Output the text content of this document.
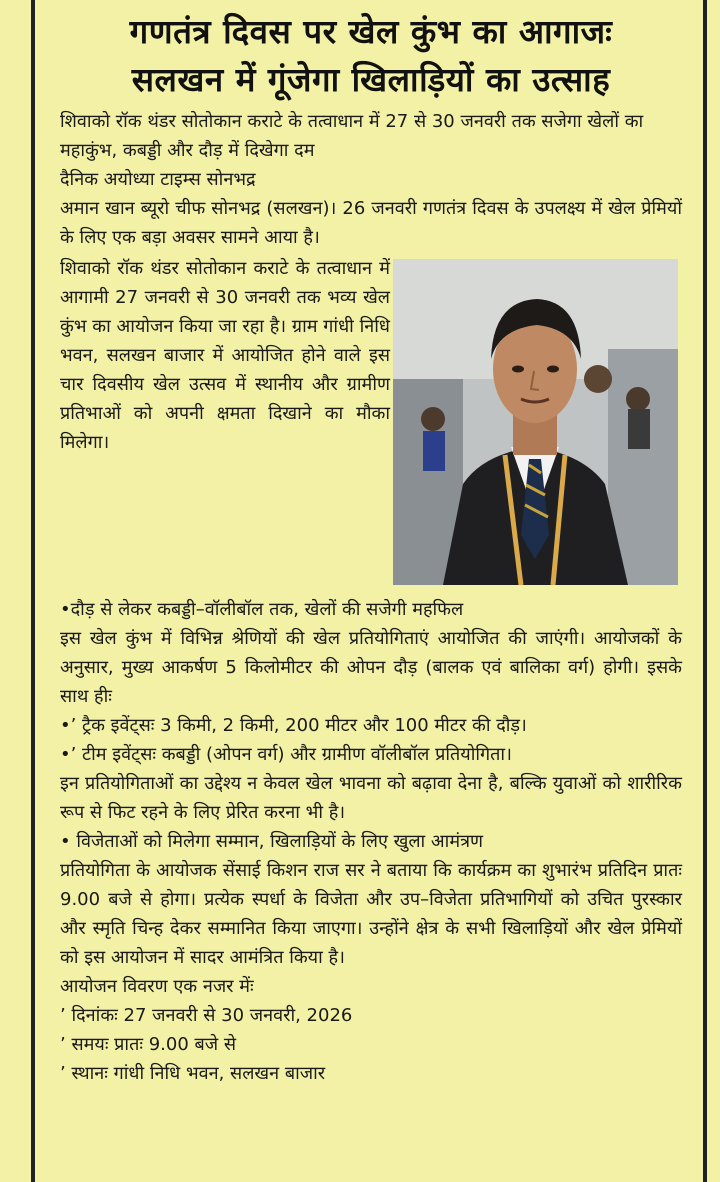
गणतंत्र दिवस पर खेल कुंभ का आगाजः
सलखन में गूंजेगा खिलाड़ियों का उत्साह

शिवाको रॉक थंडर सोतोकान कराटे के तत्वाधान में 27 से 30 जनवरी तक सजेगा खेलों का महाकुंभ, कबड्डी और दौड़ में दिखेगा दम

दैनिक अयोध्या टाइम्स सोनभद्र

अमान खान ब्यूरो चीफ सोनभद्र (सलखन)। 26 जनवरी गणतंत्र दिवस के उपलक्ष्य में खेल प्रेमियों के लिए एक बड़ा अवसर सामने आया है।

शिवाको रॉक थंडर सोतोकान कराटे के तत्वाधान में आगामी 27 जनवरी से 30 जनवरी तक भव्य खेल कुंभ का आयोजन किया जा रहा है। ग्राम गांधी निधि भवन, सलखन बाजार में आयोजित होने वाले इस चार दिवसीय खेल उत्सव में स्थानीय और ग्रामीण प्रतिभाओं को अपनी क्षमता दिखाने का मौका मिलेगा।

•दौड़ से लेकर कबड्डी–वॉलीबॉल तक, खेलों की सजेगी महफिल

इस खेल कुंभ में विभिन्न श्रेणियों की खेल प्रतियोगिताएं आयोजित की जाएंगी। आयोजकों के अनुसार, मुख्य आकर्षण 5 किलोमीटर की ओपन दौड़ (बालक एवं बालिका वर्ग) होगी। इसके साथ हीः

•’ ट्रैक इवेंट्सः 3 किमी, 2 किमी, 200 मीटर और 100 मीटर की दौड़।

•’ टीम इवेंट्सः कबड्डी (ओपन वर्ग) और ग्रामीण वॉलीबॉल प्रतियोगिता।

इन प्रतियोगिताओं का उद्देश्य न केवल खेल भावना को बढ़ावा देना है, बल्कि युवाओं को शारीरिक रूप से फिट रहने के लिए प्रेरित करना भी है।

• विजेताओं को मिलेगा सम्मान, खिलाड़ियों के लिए खुला आमंत्रण

प्रतियोगिता के आयोजक सेंसाई किशन राज सर ने बताया कि कार्यक्रम का शुभारंभ प्रतिदिन प्रातः 9.00 बजे से होगा। प्रत्येक स्पर्धा के विजेता और उप–विजेता प्रतिभागियों को उचित पुरस्कार और स्मृति चिन्ह देकर सम्मानित किया जाएगा। उन्होंने क्षेत्र के सभी खिलाड़ियों और खेल प्रेमियों को इस आयोजन में सादर आमंत्रित किया है।

आयोजन विवरण एक नजर मेंः

’ दिनांकः 27 जनवरी से 30 जनवरी, 2026

’ समयः प्रातः 9.00 बजे से

’ स्थानः गांधी निधि भवन, सलखन बाजार
